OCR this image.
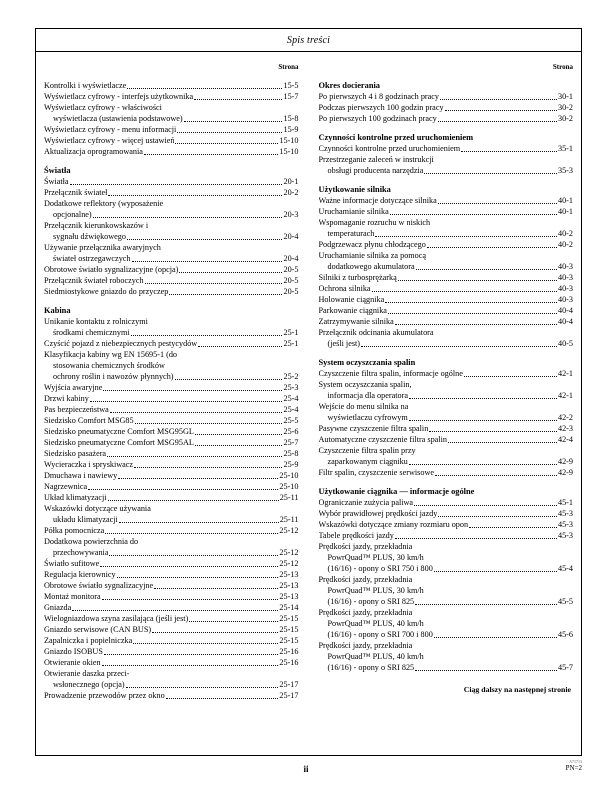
Spis treści
Strona
Kontrolki i wyświetlacze	15-5
Wyświetlacz cyfrowy - interfejs użytkownika	15-7
Wyświetlacz cyfrowy - właściwości
wyświetlacza (ustawienia podstawowe)	15-8
Wyświetlacz cyfrowy - menu informacji	15-9
Wyświetlacz cyfrowy - więcej ustawień	15-10
Aktualizacja oprogramowania	15-10
Światła
Światła	20-1
Przełącznik świateł	20-2
Dodatkowe reflektory (wyposażenie
opcjonalne)	20-3
Przełącznik kierunkowskazów i
sygnału dźwiękowego	20-4
Używanie przełącznika awaryjnych
świateł ostrzegawczych	20-4
Obrotowe światło sygnalizacyjne (opcja)	20-5
Przełącznik świateł roboczych	20-5
Siedmiostykowe gniazdo do przyczep	20-5
Kabina
Unikanie kontaktu z rolniczymi
środkami chemicznymi	25-1
Czyścić pojazd z niebezpiecznych pestycydów	25-1
Klasyfikacja kabiny wg EN 15695-1 (do
stosowania chemicznych środków
ochrony roślin i nawozów płynnych)	25-2
Wyjścia awaryjne	25-3
Drzwi kabiny	25-4
Pas bezpieczeństwa	25-4
Siedzisko Comfort MSG85	25-5
Siedzisko pneumatyczne Comfort MSG95GL	25-6
Siedzisko pneumatyczne Comfort MSG95AL	25-7
Siedzisko pasażera	25-8
Wycieraczka i spryskiwacz	25-9
Dmuchawa i nawiewy	25-10
Nagrzewnica	25-10
Układ klimatyzacji	25-11
Wskazówki dotyczące używania
układu klimatyzacji	25-11
Półka pomocnicza	25-12
Dodatkowa powierzchnia do
przechowywania	25-12
Światło sufitowe	25-12
Regulacja kierownicy	25-13
Obrotowe światło sygnalizacyjne	25-13
Montaż monitora	25-13
Gniazda	25-14
Wielogniazdowa szyna zasilająca (jeśli jest)	25-15
Gniazdo serwisowe (CAN BUS)	25-15
Zapalniczka i popielniczka	25-15
Gniazdo ISOBUS	25-16
Otwieranie okien	25-16
Otwieranie daszka przeci-
wsłonecznego (opcja)	25-17
Prowadzenie przewodów przez okno	25-17
Strona
Okres docierania
Po pierwszych 4 i 8 godzinach pracy	30-1
Podczas pierwszych 100 godzin pracy	30-2
Po pierwszych 100 godzinach pracy	30-2
Czynności kontrolne przed uruchomieniem
Czynności kontrolne przed uruchomieniem	35-1
Przestrzeganie zaleceń w instrukcji
obsługi producenta narzędzia	35-3
Użytkowanie silnika
Ważne informacje dotyczące silnika	40-1
Uruchamianie silnika	40-1
Wspomaganie rozruchu w niskich
temperaturach	40-2
Podgrzewacz płynu chłodzącego	40-2
Uruchamianie silnika za pomocą
dodatkowego akumulatora	40-3
Silniki z turbosprężarką	40-3
Ochrona silnika	40-3
Holowanie ciągnika	40-3
Parkowanie ciągnika	40-4
Zatrzymywanie silnika	40-4
Przełącznik odcinania akumulatora
(jeśli jest)	40-5
System oczyszczania spalin
Czyszczenie filtra spalin, informacje ogólne	42-1
System oczyszczania spalin,
informacja dla operatora	42-1
Wejście do menu silnika na
wyświetlaczu cyfrowym	42-2
Pasywne czyszczenie filtra spalin	42-3
Automatyczne czyszczenie filtra spalin	42-4
Czyszczenie filtra spalin przy
zaparkowanym ciągniku	42-9
Filtr spalin, czyszczenie serwisowe	42-9
Użytkowanie ciągnika — informacje ogólne
Ograniczanie zużycia paliwa	45-1
Wybór prawidłowej prędkości jazdy	45-3
Wskazówki dotyczące zmiany rozmiaru opon	45-3
Tabele prędkości jazdy	45-3
Prędkości jazdy, przekładnia
PowrQuad™ PLUS, 30 km/h
(16/16) - opony o SRI 750 i 800	45-4
Prędkości jazdy, przekładnia
PowrQuad™ PLUS, 30 km/h
(16/16) - opony o SRI 825	45-5
Prędkości jazdy, przekładnia
PowrQuad™ PLUS, 40 km/h
(16/16) - opony o SRI 700 i 800	45-6
Prędkości jazdy, przekładnia
PowrQuad™ PLUS, 40 km/h
(16/16) - opony o SRI 825	45-7
Ciąg dalszy na następnej stronie
ii
A71713
PN=2
